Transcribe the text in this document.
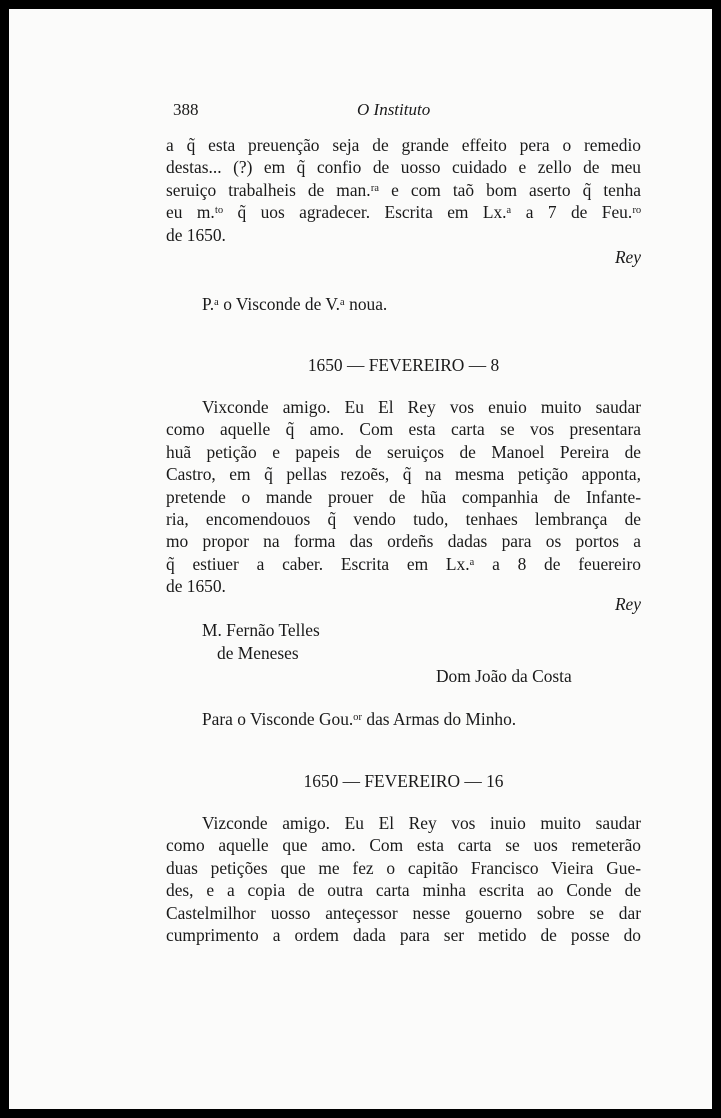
388	O Instituto
a q̃ esta preuenção seja de grande effeito pera o remedio
destas... (?) em q̃ confio de uosso cuidado e zello de meu
seruiço trabalheis de man.ʳᵃ e com taõ bom aserto q̃ tenha
eu m.ᵗᵒ q̃ uos agradecer. Escrita em Lx.ᵃ a 7 de Feu.ʳᵒ
de 1650.
Rey
P.ᵃ o Visconde de V.ᵃ noua.
1650 — FEVEREIRO — 8
Vixconde amigo. Eu El Rey vos enuio muito saudar
como aquelle q̃ amo. Com esta carta se vos presentara
huã petição e papeis de seruiços de Manoel Pereira de
Castro, em q̃ pellas rezoẽs, q̃ na mesma petição apponta,
pretende o mande prouer de hũa companhia de Infante-
ria, encomendouos q̃ vendo tudo, tenhaes lembrança de
mo propor na forma das ordeñs dadas para os portos a
q̃ estiuer a caber. Escrita em Lx.ᵃ a 8 de feuereiro
de 1650.
Rey
M. Fernão Telles
de Meneses
Dom João da Costa
Para o Visconde Gou.ᵒʳ das Armas do Minho.
1650 — FEVEREIRO — 16
Vizconde amigo. Eu El Rey vos inuio muito saudar
como aquelle que amo. Com esta carta se uos remeterão
duas petições que me fez o capitão Francisco Vieira Gue-
des, e a copia de outra carta minha escrita ao Conde de
Castelmilhor uosso anteçessor nesse gouerno sobre se dar
cumprimento a ordem dada para ser metido de posse do
